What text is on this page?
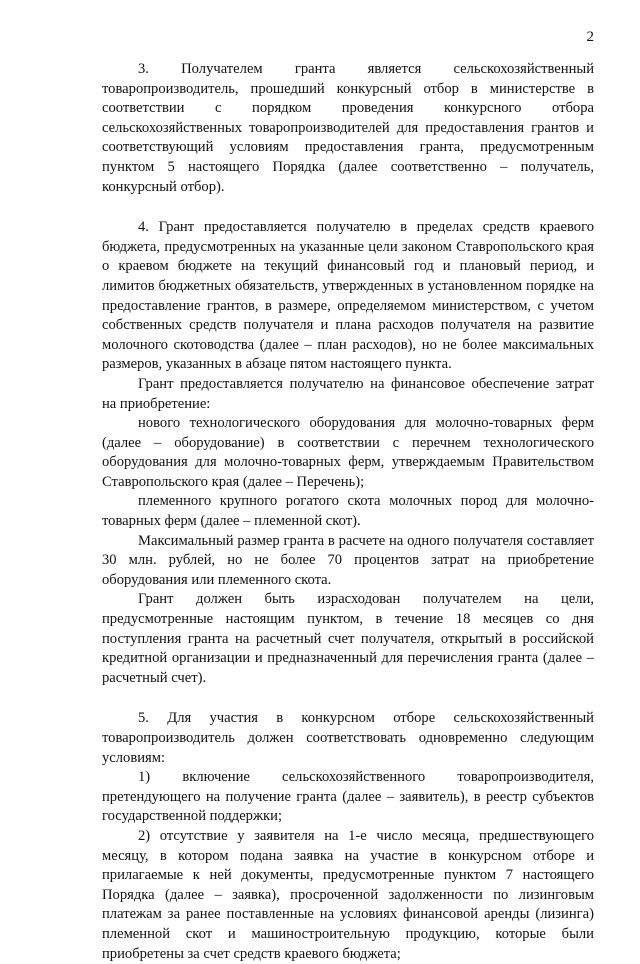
2

3. Получателем гранта является сельскохозяйственный товаропроизводитель, прошедший конкурсный отбор в министерстве в соответствии с порядком проведения конкурсного отбора сельскохозяйственных товаропроизводителей для предоставления грантов и соответствующий условиям предоставления гранта, предусмотренным пунктом 5 настоящего Порядка (далее соответственно – получатель, конкурсный отбор).

4. Грант предоставляется получателю в пределах средств краевого бюджета, предусмотренных на указанные цели законом Ставропольского края о краевом бюджете на текущий финансовый год и плановый период, и лимитов бюджетных обязательств, утвержденных в установленном порядке на предоставление грантов, в размере, определяемом министерством, с учетом собственных средств получателя и плана расходов получателя на развитие молочного скотоводства (далее – план расходов), но не более максимальных размеров, указанных в абзаце пятом настоящего пункта.

Грант предоставляется получателю на финансовое обеспечение затрат на приобретение:

нового технологического оборудования для молочно-товарных ферм (далее – оборудование) в соответствии с перечнем технологического оборудования для молочно-товарных ферм, утверждаемым Правительством Ставропольского края (далее – Перечень);

племенного крупного рогатого скота молочных пород для молочно-товарных ферм (далее – племенной скот).

Максимальный размер гранта в расчете на одного получателя составляет 30 млн. рублей, но не более 70 процентов затрат на приобретение оборудования или племенного скота.

Грант должен быть израсходован получателем на цели, предусмотренные настоящим пунктом, в течение 18 месяцев со дня поступления гранта на расчетный счет получателя, открытый в российской кредитной организации и предназначенный для перечисления гранта (далее – расчетный счет).

5. Для участия в конкурсном отборе сельскохозяйственный товаропроизводитель должен соответствовать одновременно следующим условиям:

1) включение сельскохозяйственного товаропроизводителя, претендующего на получение гранта (далее – заявитель), в реестр субъектов государственной поддержки;

2) отсутствие у заявителя на 1-е число месяца, предшествующего месяцу, в котором подана заявка на участие в конкурсном отборе и прилагаемые к ней документы, предусмотренные пунктом 7 настоящего Порядка (далее – заявка), просроченной задолженности по лизинговым платежам за ранее поставленные на условиях финансовой аренды (лизинга) племенной скот и машиностроительную продукцию, которые были приобретены за счет средств краевого бюджета;
